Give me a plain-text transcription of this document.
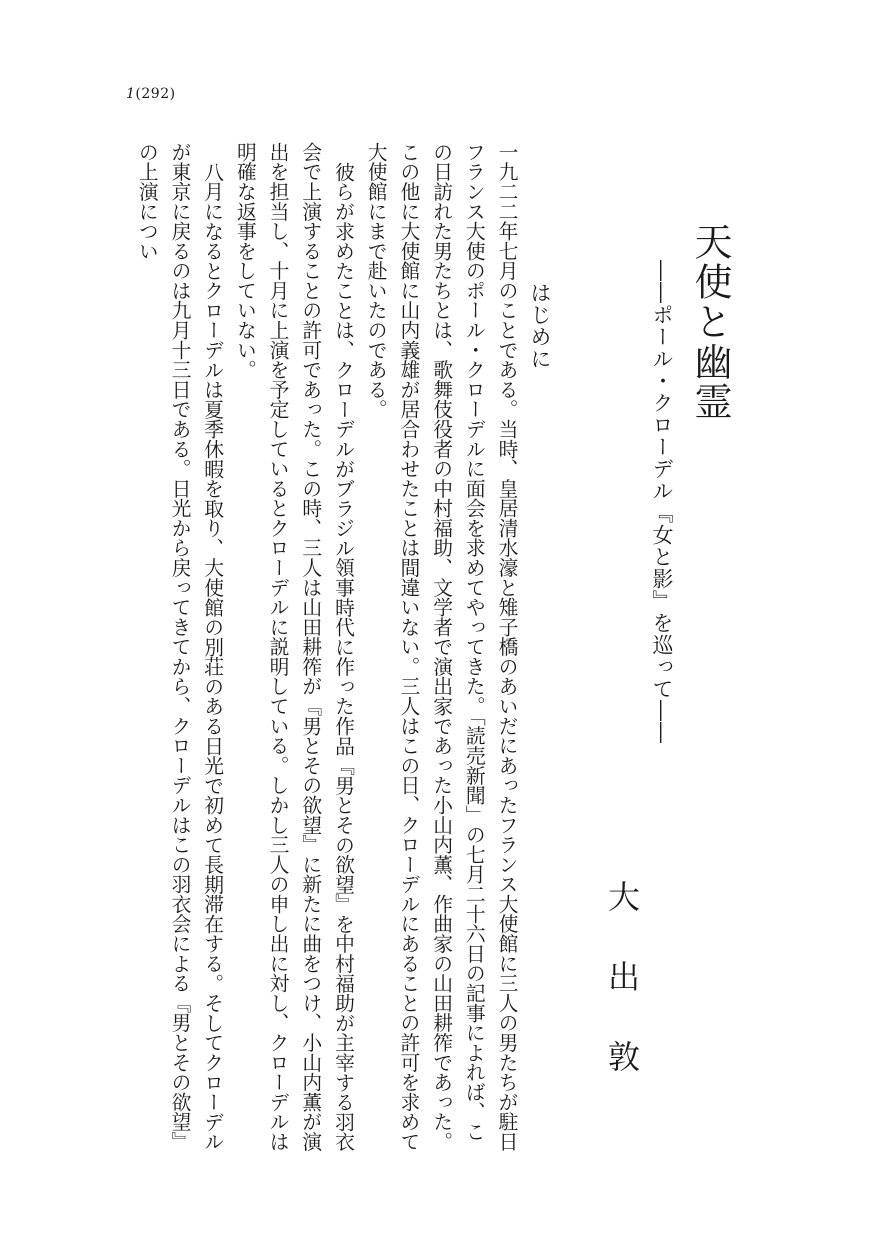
1(292)
天使と幽霊
――ポール・クローデル『女と影』を巡って――
大出敦
はじめに

一九二二年七月のことである。当時、皇居清水濠と雉子橋のあいだにあったフランス大使館に三人の男たちが駐日フランス大使のポール・クローデルに面会を求めてやってきた。「読売新聞」の七月二十六日の記事によれば、この日訪れた男たちとは、歌舞伎役者の中村福助、文学者で演出家であった小山内薫、作曲家の山田耕筰であった。この他に大使館に山内義雄が居合わせたことは間違いない。三人はこの日、クローデルにあることの許可を求めて大使館にまで赴いたのである。

彼らが求めたことは、クローデルがブラジル領事時代に作った作品『男とその欲望』を中村福助が主宰する羽衣会で上演することの許可であった。この時、三人は山田耕筰が『男とその欲望』に新たに曲をつけ、小山内薫が演出を担当し、十月に上演を予定しているとクローデルに説明している。しかし三人の申し出に対し、クローデルは明確な返事をしていない。

八月になるとクローデルは夏季休暇を取り、大使館の別荘のある日光で初めて長期滞在する。そしてクローデルが東京に戻るのは九月十三日である。日光から戻ってきてから、クローデルはこの羽衣会による『男とその欲望』の上演につい
